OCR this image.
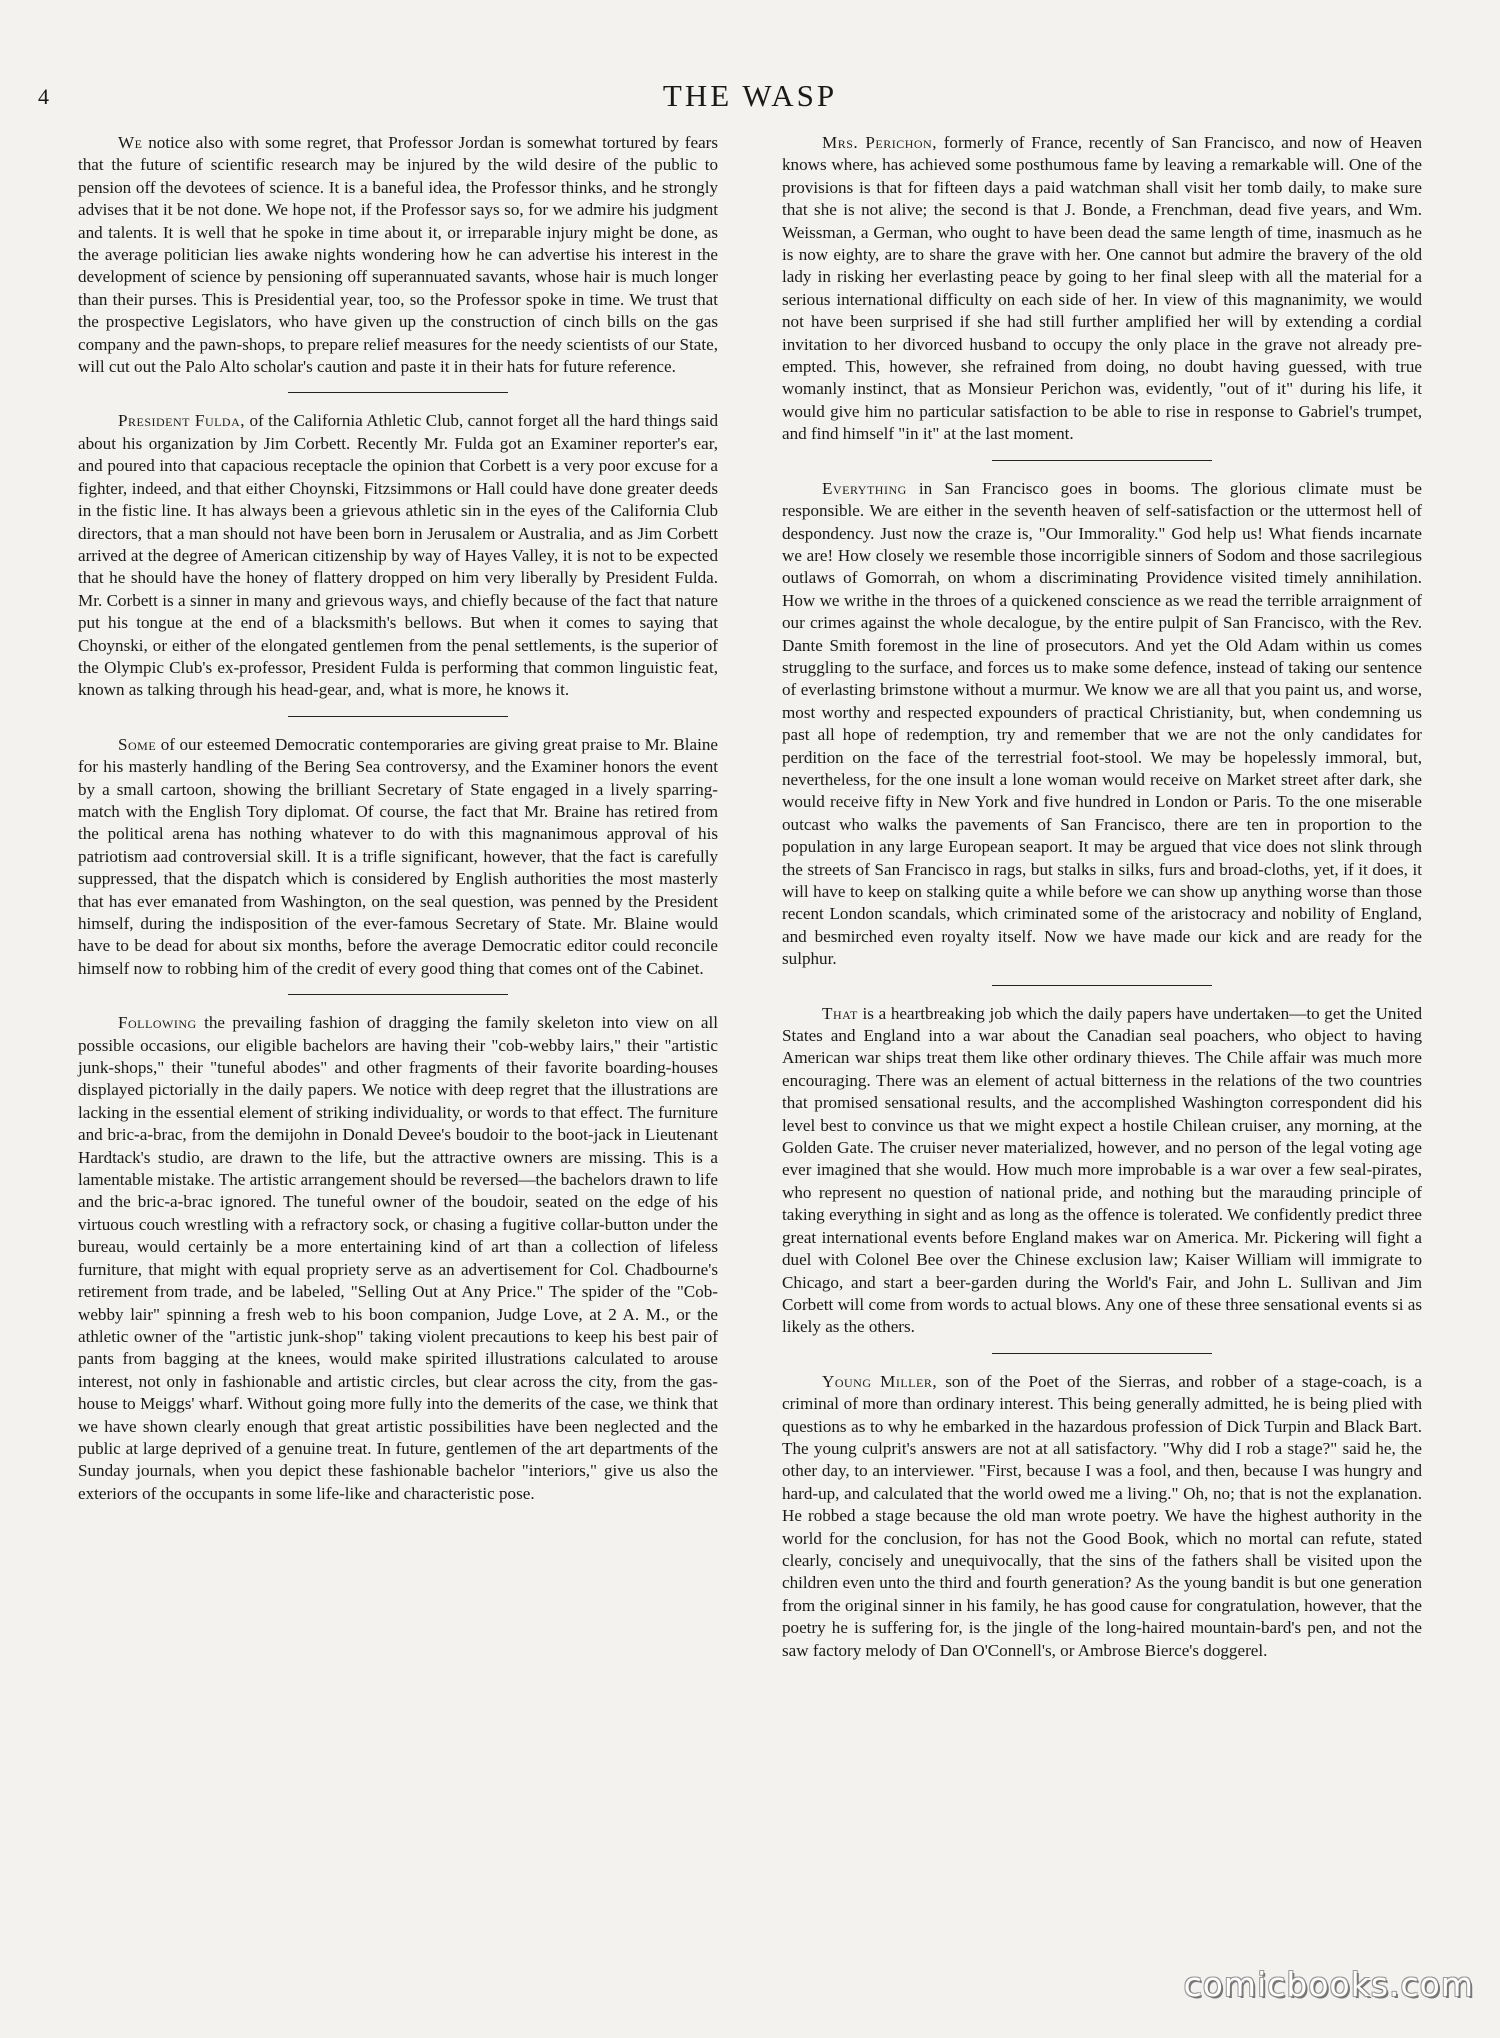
4	THE WASP

We notice also with some regret, that Professor Jordan is somewhat tortured by fears that the future of scientific research may be injured by the wild desire of the public to pension off the devotees of science. It is a baneful idea, the Professor thinks, and he strongly advises that it be not done. We hope not, if the Professor says so, for we admire his judgment and talents. It is well that he spoke in time about it, or irreparable injury might be done, as the average politician lies awake nights wondering how he can advertise his interest in the development of science by pensioning off superannuated savants, whose hair is much longer than their purses. This is Presidential year, too, so the Professor spoke in time. We trust that the prospective Legislators, who have given up the construction of cinch bills on the gas company and the pawn-shops, to prepare relief measures for the needy scientists of our State, will cut out the Palo Alto scholar's caution and paste it in their hats for future reference.

President Fulda, of the California Athletic Club, cannot forget all the hard things said about his organization by Jim Corbett. Recently Mr. Fulda got an Examiner reporter's ear, and poured into that capacious receptacle the opinion that Corbett is a very poor excuse for a fighter, indeed, and that either Choynski, Fitzsimmons or Hall could have done greater deeds in the fistic line. It has always been a grievous athletic sin in the eyes of the California Club directors, that a man should not have been born in Jerusalem or Australia, and as Jim Corbett arrived at the degree of American citizenship by way of Hayes Valley, it is not to be expected that he should have the honey of flattery dropped on him very liberally by President Fulda. Mr. Corbett is a sinner in many and grievous ways, and chiefly because of the fact that nature put his tongue at the end of a blacksmith's bellows. But when it comes to saying that Choynski, or either of the elongated gentlemen from the penal settlements, is the superior of the Olympic Club's ex-professor, President Fulda is performing that common linguistic feat, known as talking through his head-gear, and, what is more, he knows it.

Some of our esteemed Democratic contemporaries are giving great praise to Mr. Blaine for his masterly handling of the Bering Sea controversy, and the Examiner honors the event by a small cartoon, showing the brilliant Secretary of State engaged in a lively sparring-match with the English Tory diplomat. Of course, the fact that Mr. Braine has retired from the political arena has nothing whatever to do with this magnanimous approval of his patriotism aad controversial skill. It is a trifle significant, however, that the fact is carefully suppressed, that the dispatch which is considered by English authorities the most masterly that has ever emanated from Washington, on the seal question, was penned by the President himself, during the indisposition of the ever-famous Secretary of State. Mr. Blaine would have to be dead for about six months, before the average Democratic editor could reconcile himself now to robbing him of the credit of every good thing that comes ont of the Cabinet.

Following the prevailing fashion of dragging the family skeleton into view on all possible occasions, our eligible bachelors are having their "cob-webby lairs," their "artistic junk-shops," their "tuneful abodes" and other fragments of their favorite boarding-houses displayed pictorially in the daily papers. We notice with deep regret that the illustrations are lacking in the essential element of striking individuality, or words to that effect. The furniture and bric-a-brac, from the demijohn in Donald Devee's boudoir to the boot-jack in Lieutenant Hardtack's studio, are drawn to the life, but the attractive owners are missing. This is a lamentable mistake. The artistic arrangement should be reversed—the bachelors drawn to life and the bric-a-brac ignored. The tuneful owner of the boudoir, seated on the edge of his virtuous couch wrestling with a refractory sock, or chasing a fugitive collar-button under the bureau, would certainly be a more entertaining kind of art than a collection of lifeless furniture, that might with equal propriety serve as an advertisement for Col. Chadbourne's retirement from trade, and be labeled, "Selling Out at Any Price." The spider of the "Cob-webby lair" spinning a fresh web to his boon companion, Judge Love, at 2 A. M., or the athletic owner of the "artistic junk-shop" taking violent precautions to keep his best pair of pants from bagging at the knees, would make spirited illustrations calculated to arouse interest, not only in fashionable and artistic circles, but clear across the city, from the gas-house to Meiggs' wharf. Without going more fully into the demerits of the case, we think that we have shown clearly enough that great artistic possibilities have been neglected and the public at large deprived of a genuine treat. In future, gentlemen of the art departments of the Sunday journals, when you depict these fashionable bachelor "interiors," give us also the exteriors of the occupants in some life-like and characteristic pose.

Mrs. Perichon, formerly of France, recently of San Francisco, and now of Heaven knows where, has achieved some posthumous fame by leaving a remarkable will. One of the provisions is that for fifteen days a paid watchman shall visit her tomb daily, to make sure that she is not alive; the second is that J. Bonde, a Frenchman, dead five years, and Wm. Weissman, a German, who ought to have been dead the same length of time, inasmuch as he is now eighty, are to share the grave with her. One cannot but admire the bravery of the old lady in risking her everlasting peace by going to her final sleep with all the material for a serious international difficulty on each side of her. In view of this magnanimity, we would not have been surprised if she had still further amplified her will by extending a cordial invitation to her divorced husband to occupy the only place in the grave not already pre-empted. This, however, she refrained from doing, no doubt having guessed, with true womanly instinct, that as Monsieur Perichon was, evidently, "out of it" during his life, it would give him no particular satisfaction to be able to rise in response to Gabriel's trumpet, and find himself "in it" at the last moment.

Everything in San Francisco goes in booms. The glorious climate must be responsible. We are either in the seventh heaven of self-satisfaction or the uttermost hell of despondency. Just now the craze is, "Our Immorality." God help us! What fiends incarnate we are! How closely we resemble those incorrigible sinners of Sodom and those sacrilegious outlaws of Gomorrah, on whom a discriminating Providence visited timely annihilation. How we writhe in the throes of a quickened conscience as we read the terrible arraignment of our crimes against the whole decalogue, by the entire pulpit of San Francisco, with the Rev. Dante Smith foremost in the line of prosecutors. And yet the Old Adam within us comes struggling to the surface, and forces us to make some defence, instead of taking our sentence of everlasting brimstone without a murmur. We know we are all that you paint us, and worse, most worthy and respected expounders of practical Christianity, but, when condemning us past all hope of redemption, try and remember that we are not the only candidates for perdition on the face of the terrestrial foot-stool. We may be hopelessly immoral, but, nevertheless, for the one insult a lone woman would receive on Market street after dark, she would receive fifty in New York and five hundred in London or Paris. To the one miserable outcast who walks the pavements of San Francisco, there are ten in proportion to the population in any large European seaport. It may be argued that vice does not slink through the streets of San Francisco in rags, but stalks in silks, furs and broad-cloths, yet, if it does, it will have to keep on stalking quite a while before we can show up anything worse than those recent London scandals, which criminated some of the aristocracy and nobility of England, and besmirched even royalty itself. Now we have made our kick and are ready for the sulphur.

That is a heartbreaking job which the daily papers have undertaken—to get the United States and England into a war about the Canadian seal poachers, who object to having American war ships treat them like other ordinary thieves. The Chile affair was much more encouraging. There was an element of actual bitterness in the relations of the two countries that promised sensational results, and the accomplished Washington correspondent did his level best to convince us that we might expect a hostile Chilean cruiser, any morning, at the Golden Gate. The cruiser never materialized, however, and no person of the legal voting age ever imagined that she would. How much more improbable is a war over a few seal-pirates, who represent no question of national pride, and nothing but the marauding principle of taking everything in sight and as long as the offence is tolerated. We confidently predict three great international events before England makes war on America. Mr. Pickering will fight a duel with Colonel Bee over the Chinese exclusion law; Kaiser William will immigrate to Chicago, and start a beer-garden during the World's Fair, and John L. Sullivan and Jim Corbett will come from words to actual blows. Any one of these three sensational events si as likely as the others.

Young Miller, son of the Poet of the Sierras, and robber of a stage-coach, is a criminal of more than ordinary interest. This being generally admitted, he is being plied with questions as to why he embarked in the hazardous profession of Dick Turpin and Black Bart. The young culprit's answers are not at all satisfactory. "Why did I rob a stage?" said he, the other day, to an interviewer. "First, because I was a fool, and then, because I was hungry and hard-up, and calculated that the world owed me a living." Oh, no; that is not the explanation. He robbed a stage because the old man wrote poetry. We have the highest authority in the world for the conclusion, for has not the Good Book, which no mortal can refute, stated clearly, concisely and unequivocally, that the sins of the fathers shall be visited upon the children even unto the third and fourth generation? As the young bandit is but one generation from the original sinner in his family, he has good cause for congratulation, however, that the poetry he is suffering for, is the jingle of the long-haired mountain-bard's pen, and not the saw factory melody of Dan O'Connell's, or Ambrose Bierce's doggerel.

comicbooks.com
